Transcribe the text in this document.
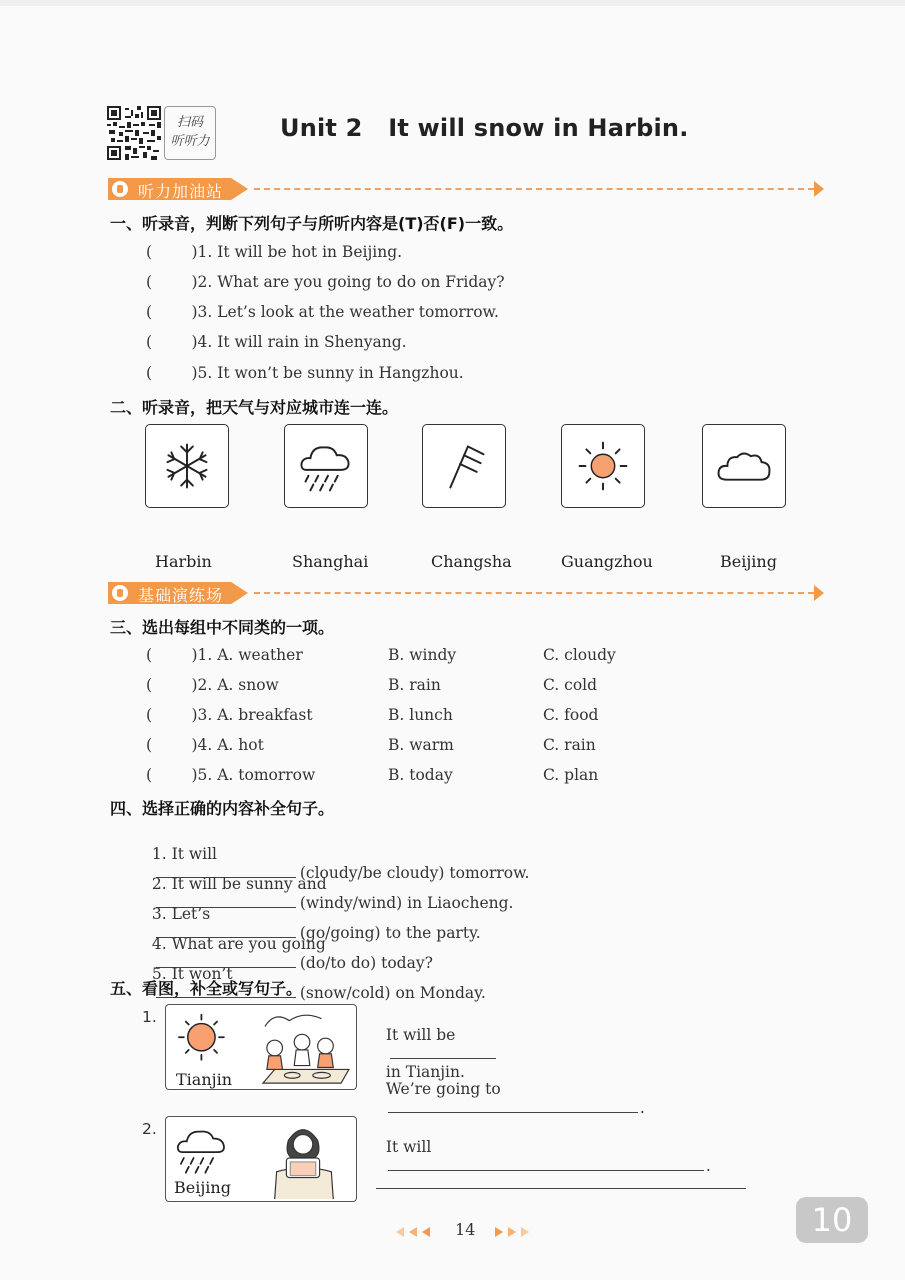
扫码
听听力	Unit 2   It will snow in Harbin.
听力加油站
一、听录音，判断下列句子与所听内容是(T)否(F)一致。
(        )1. It will be hot in Beijing.
(        )2. What are you going to do on Friday?
(        )3. Let’s look at the weather tomorrow.
(        )4. It will rain in Shenyang.
(        )5. It won’t be sunny in Hangzhou.
二、听录音，把天气与对应城市连一连。
Harbin	Shanghai	Changsha	Guangzhou	Beijing
基础演练场
三、选出每组中不同类的一项。
(        )1. A. weather	B. windy	C. cloudy
(        )2. A. snow	B. rain	C. cold
(        )3. A. breakfast	B. lunch	C. food
(        )4. A. hot	B. warm	C. rain
(        )5. A. tomorrow	B. today	C. plan
四、选择正确的内容补全句子。

1. It will
(cloudy/be cloudy) tomorrow.

2. It will be sunny and
(windy/wind) in Liaocheng.

3. Let’s
(go/going) to the party.

4. What are you going
(do/to do) today?

5. It won’t
(snow/cold) on Monday.

五、看图，补全或写句子。
1.
Tianjin

It will be

in Tianjin.

We’re going to
.

2.
Beijing

It will
.

14
	10
